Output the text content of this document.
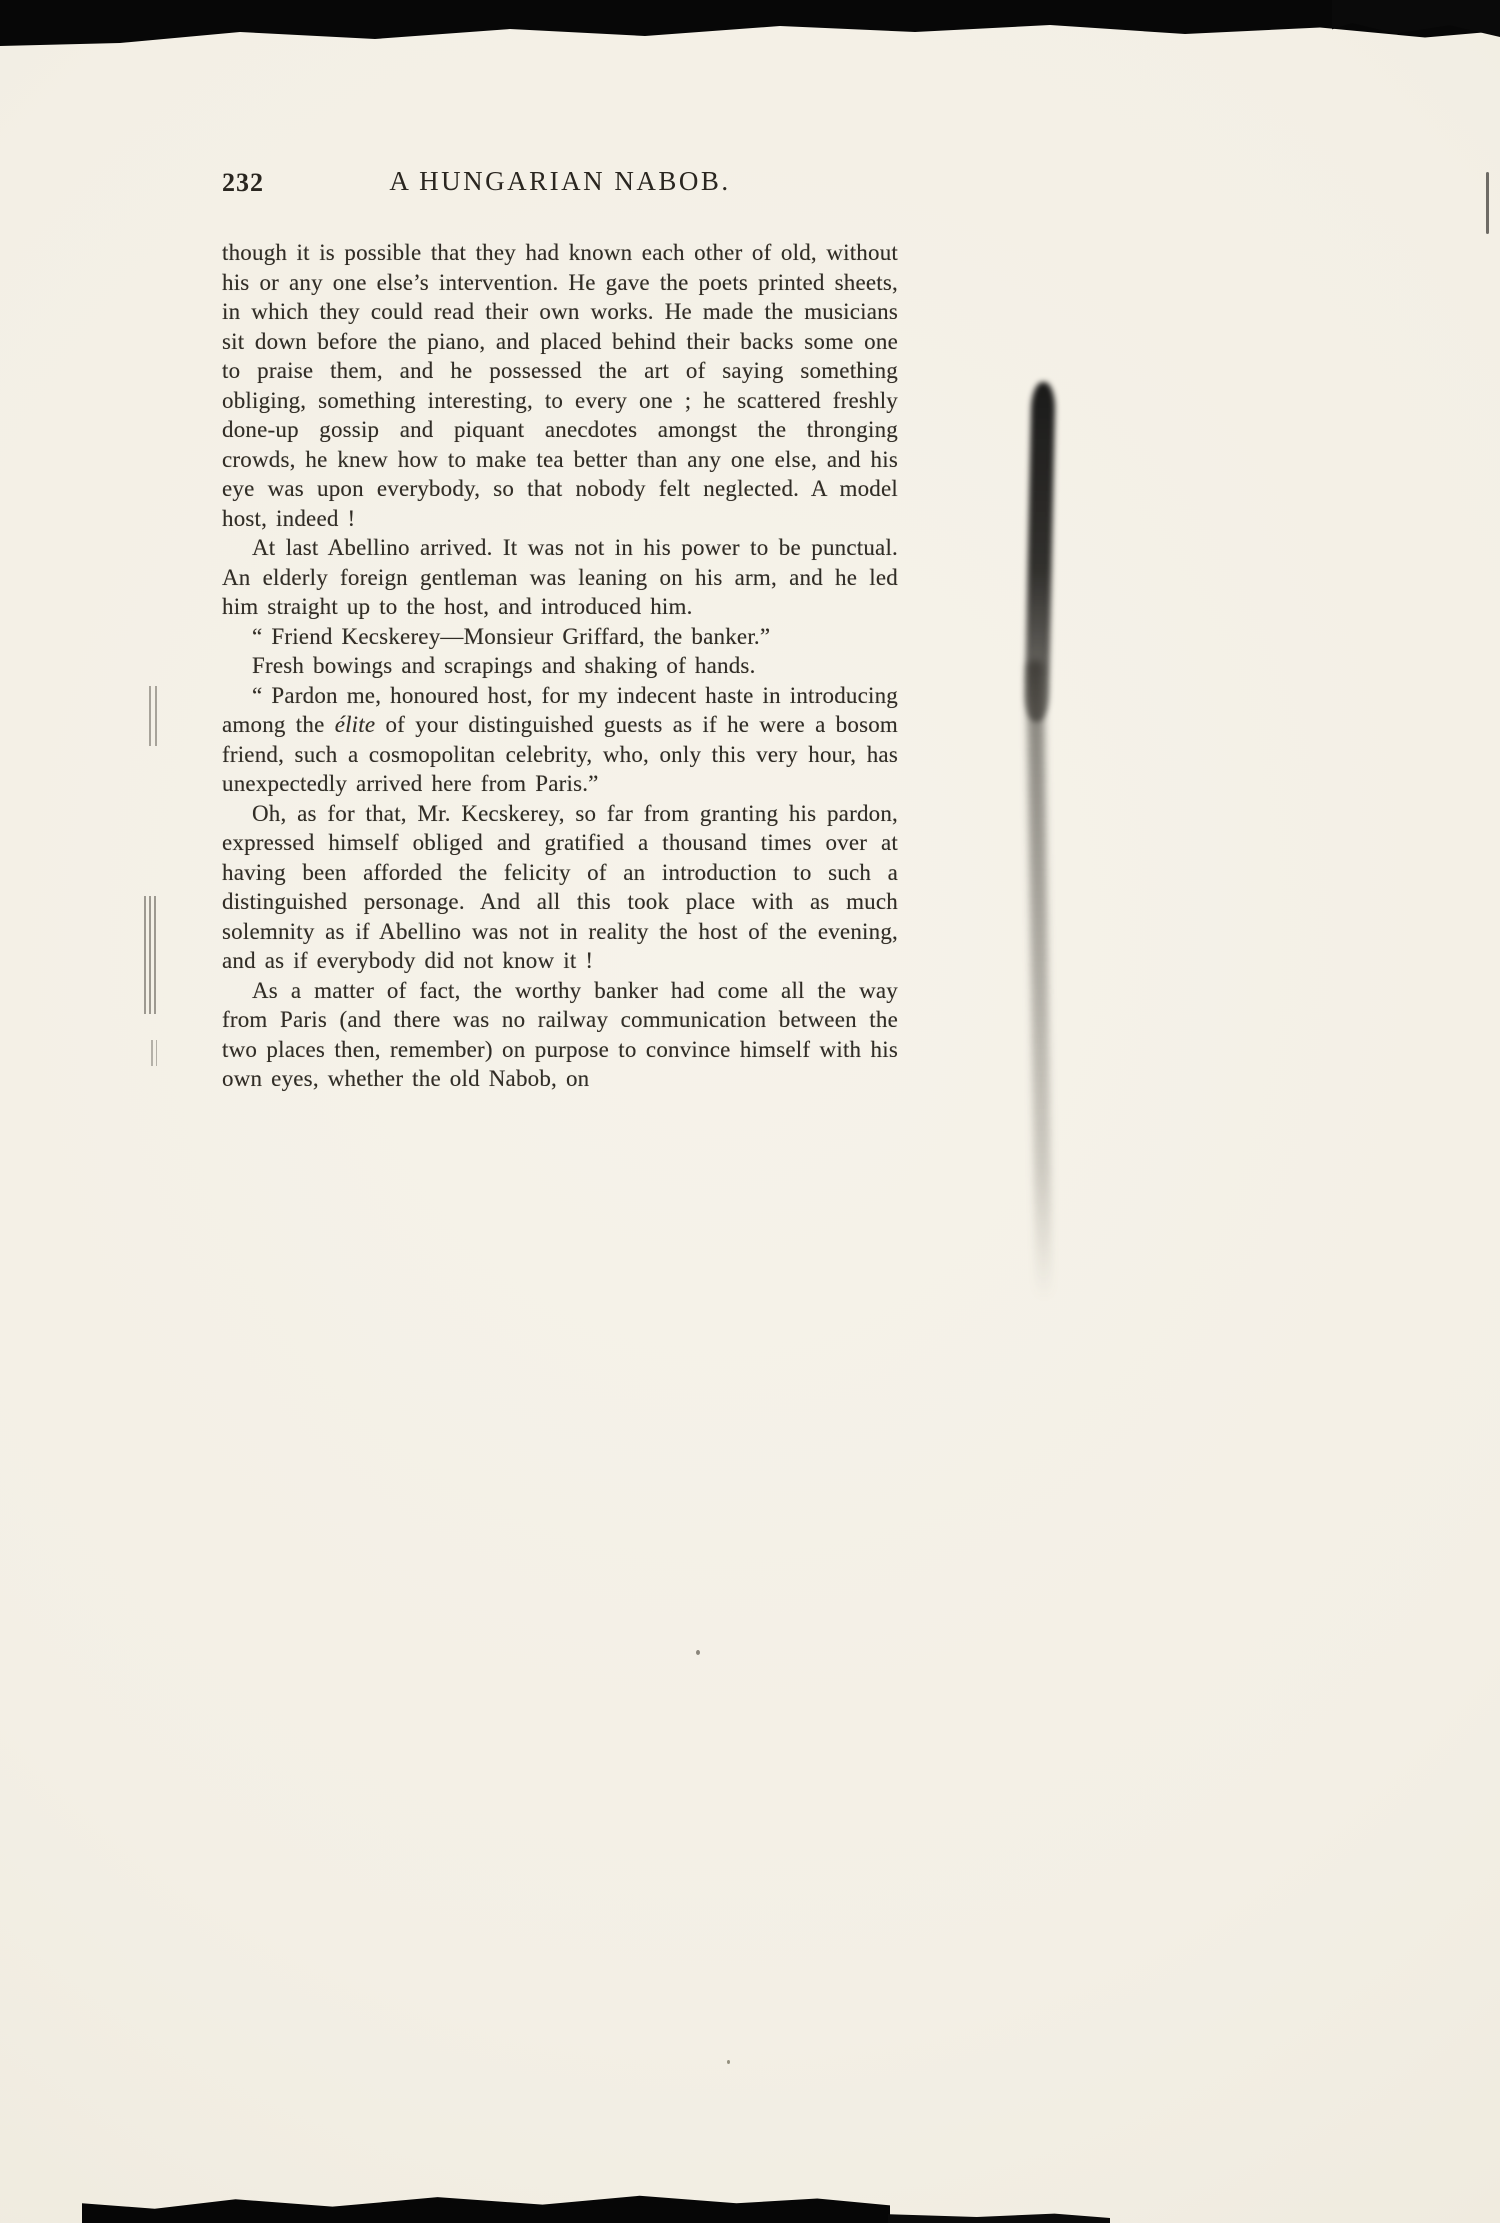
232	A HUNGARIAN NABOB.

though it is possible that they had known each other of old, without his or any one else’s intervention. He gave the poets printed sheets, in which they could read their own works. He made the musicians sit down before the piano, and placed behind their backs some one to praise them, and he possessed the art of saying something obliging, something interesting, to every one ; he scattered freshly done-up gossip and piquant anecdotes amongst the thronging crowds, he knew how to make tea better than any one else, and his eye was upon everybody, so that nobody felt neglected. A model host, indeed !

At last Abellino arrived. It was not in his power to be punctual. An elderly foreign gentleman was leaning on his arm, and he led him straight up to the host, and introduced him.

“ Friend Kecskerey—Monsieur Griffard, the banker.”

Fresh bowings and scrapings and shaking of hands.

“ Pardon me, honoured host, for my indecent haste in introducing among the élite of your distinguished guests as if he were a bosom friend, such a cosmopolitan celebrity, who, only this very hour, has unexpectedly arrived here from Paris.”

Oh, as for that, Mr. Kecskerey, so far from granting his pardon, expressed himself obliged and gratified a thousand times over at having been afforded the felicity of an introduction to such a distinguished personage. And all this took place with as much solemnity as if Abellino was not in reality the host of the evening, and as if everybody did not know it !

As a matter of fact, the worthy banker had come all the way from Paris (and there was no railway communication between the two places then, remember) on purpose to convince himself with his own eyes, whether the old Nabob, on
